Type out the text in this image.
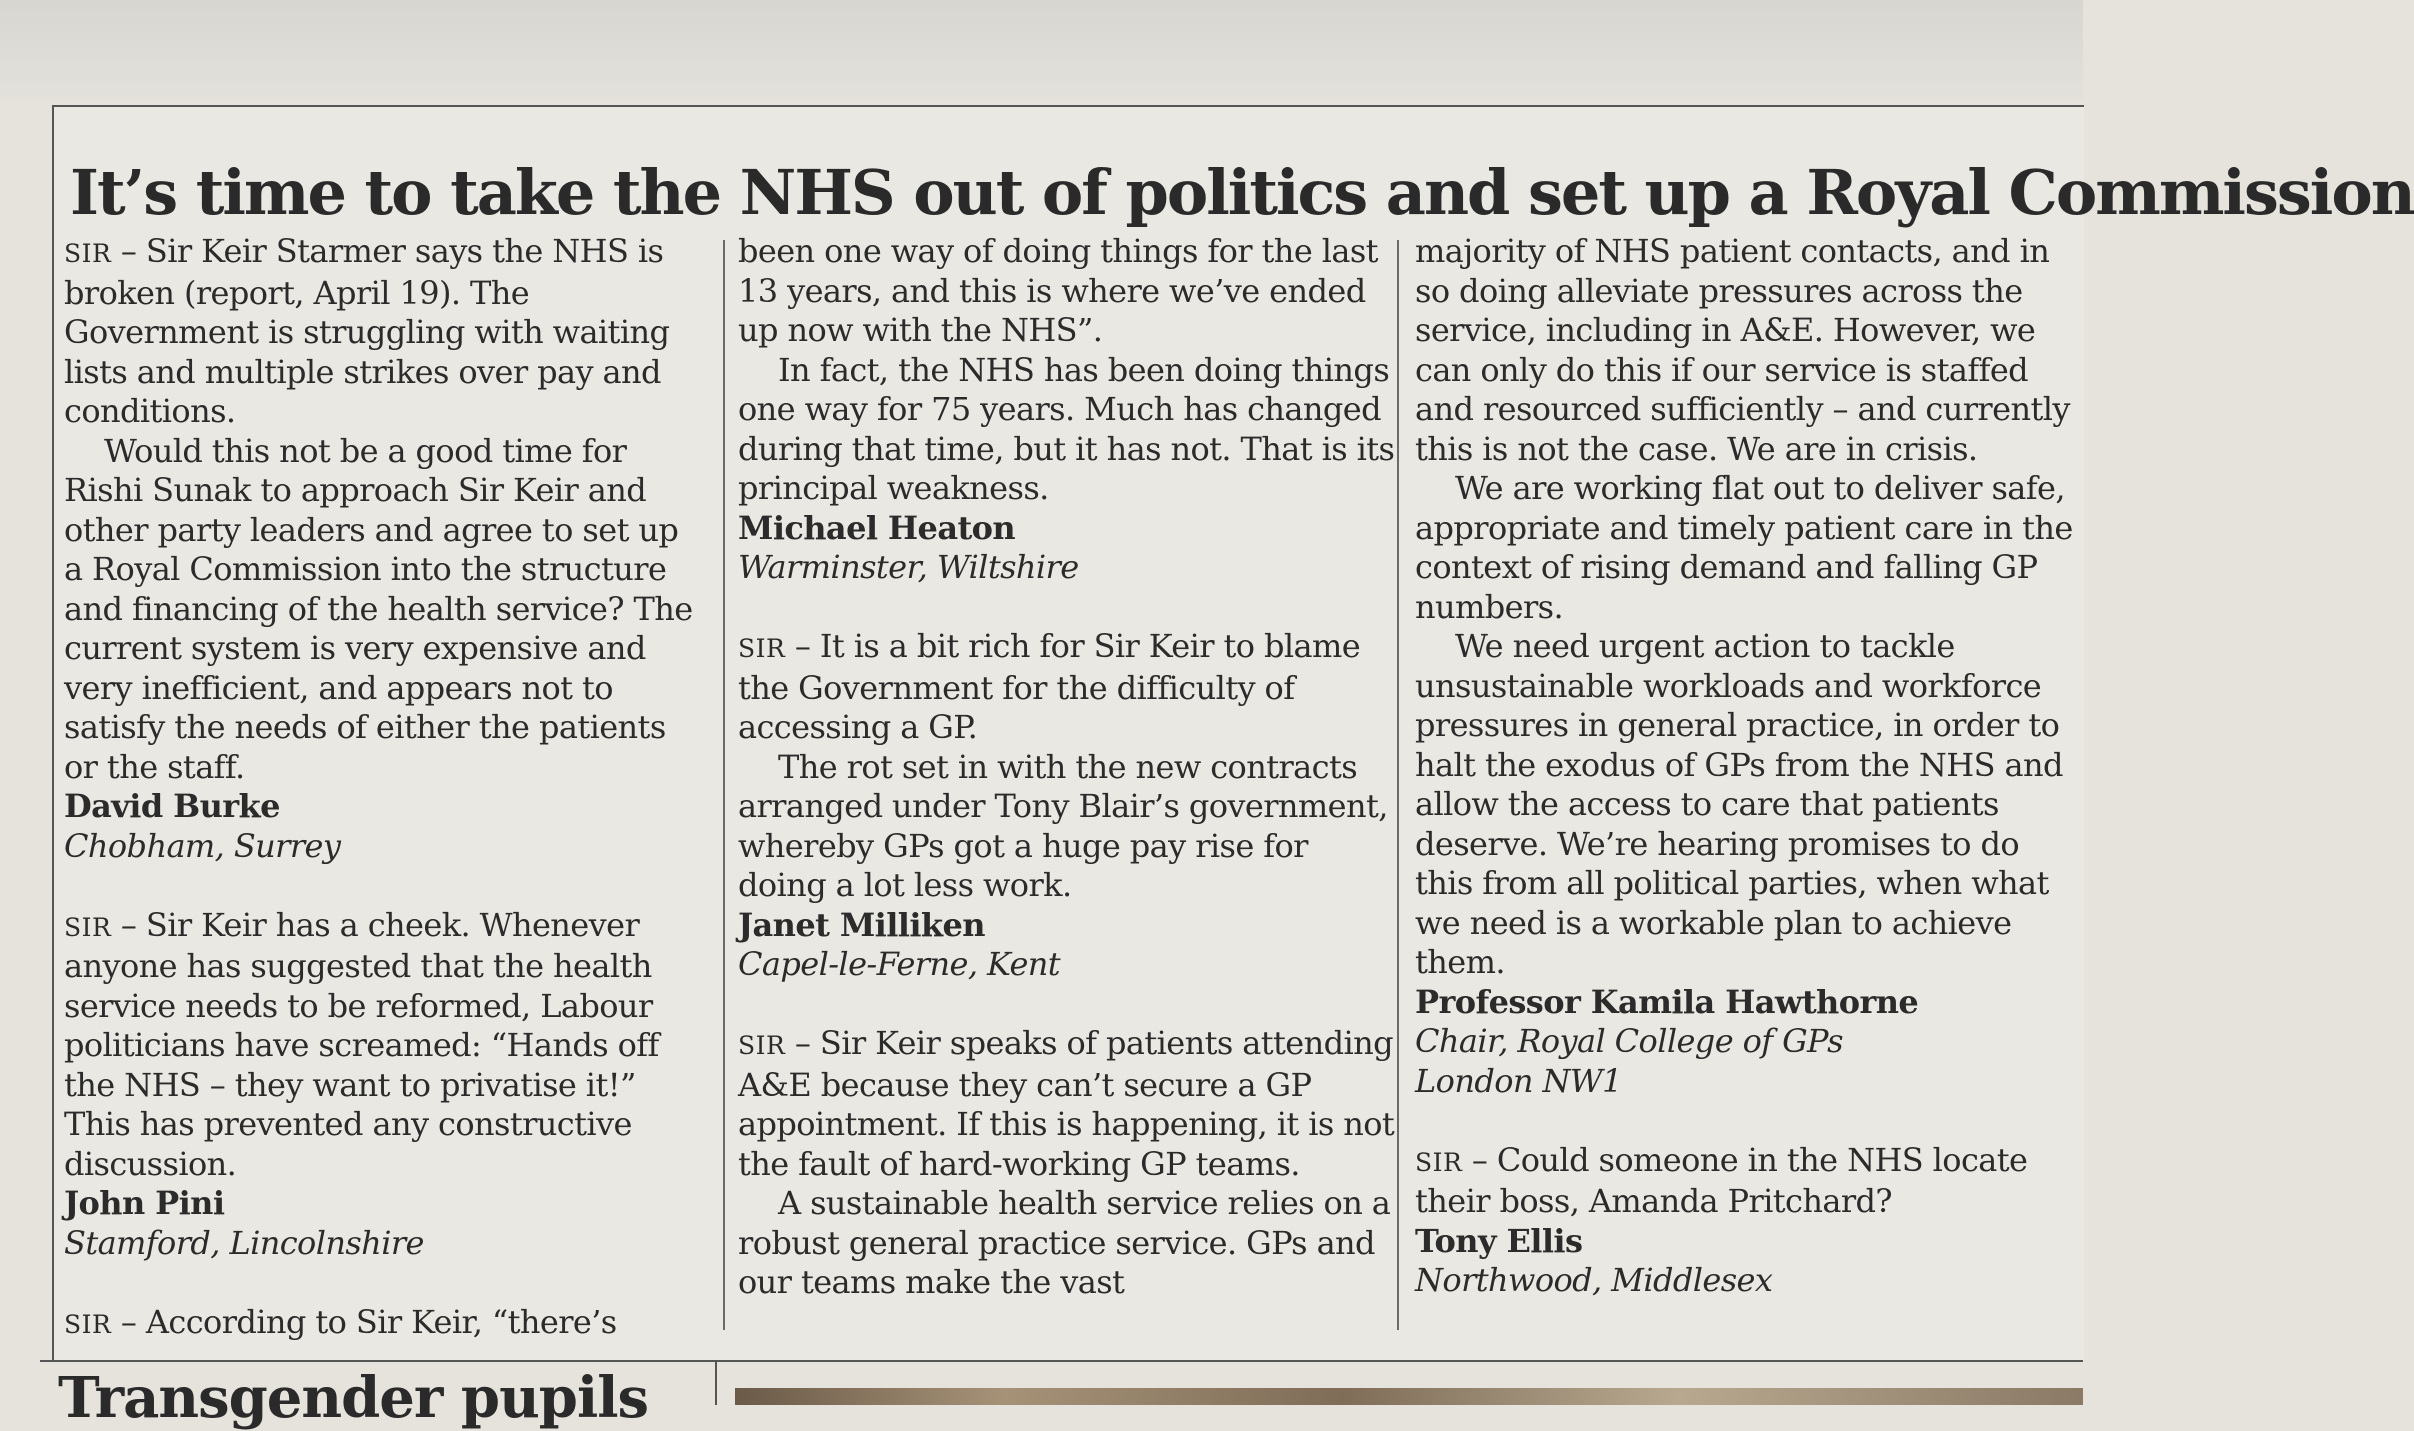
It’s time to take the NHS out of politics and set up a Royal Commission

SIR – Sir Keir Starmer says the NHS is broken (report, April 19). The Government is struggling with waiting lists and multiple strikes over pay and conditions.

Would this not be a good time for Rishi Sunak to approach Sir Keir and other party leaders and agree to set up a Royal Commission into the structure and financing of the health service? The current system is very expensive and very inefficient, and appears not to satisfy the needs of either the patients or the staff.

David Burke

Chobham, Surrey

SIR – Sir Keir has a cheek. Whenever anyone has suggested that the health service needs to be reformed, Labour politicians have screamed: “Hands off the NHS – they want to privatise it!” This has prevented any constructive discussion.

John Pini

Stamford, Lincolnshire

SIR – According to Sir Keir, “there’s

been one way of doing things for the last 13 years, and this is where we’ve ended up now with the NHS”.

In fact, the NHS has been doing things one way for 75 years. Much has changed during that time, but it has not. That is its principal weakness.

Michael Heaton

Warminster, Wiltshire

SIR – It is a bit rich for Sir Keir to blame the Government for the difficulty of accessing a GP.

The rot set in with the new contracts arranged under Tony Blair’s government, whereby GPs got a huge pay rise for doing a lot less work.

Janet Milliken

Capel-le-Ferne, Kent

SIR – Sir Keir speaks of patients attending A&E because they can’t secure a GP appointment. If this is happening, it is not the fault of hard-working GP teams.

A sustainable health service relies on a robust general practice service. GPs and our teams make the vast

majority of NHS patient contacts, and in so doing alleviate pressures across the service, including in A&E. However, we can only do this if our service is staffed and resourced sufficiently – and currently this is not the case. We are in crisis.

We are working flat out to deliver safe, appropriate and timely patient care in the context of rising demand and falling GP numbers.

We need urgent action to tackle unsustainable workloads and workforce pressures in general practice, in order to halt the exodus of GPs from the NHS and allow the access to care that patients deserve. We’re hearing promises to do this from all political parties, when what we need is a workable plan to achieve them.

Professor Kamila Hawthorne

Chair, Royal College of GPs

London NW1

SIR – Could someone in the NHS locate their boss, Amanda Pritchard?

Tony Ellis

Northwood, Middlesex

Transgender pupils
